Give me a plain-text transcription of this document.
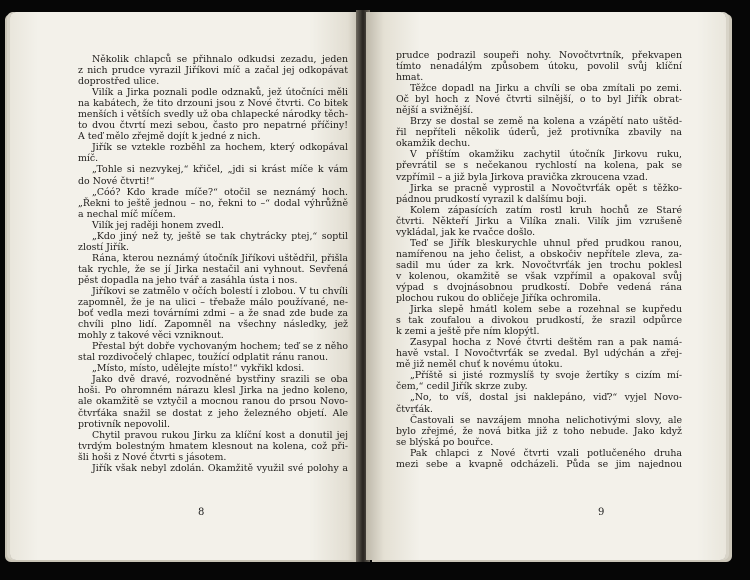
Několik chlapců se přihnalo odkudsi zezadu, jeden
z nich prudce vyrazil Jiříkovi míč a začal jej odkopávat
doprostřed ulice.
Vilík a Jirka poznali podle odznaků, jež útočníci měli
na kabátech, že tito drzouni jsou z Nové čtvrti. Co bitek
menších i větších svedly už oba chlapecké národky těch-
to dvou čtvrtí mezi sebou, často pro nepatrné příčiny!
A teď mělo zřejmě dojít k jedné z nich.
Jiřík se vztekle rozběhl za hochem, který odkopával
míč.
„Tohle si nezvykej,“ křičel, „jdi si krást míče k vám
do Nové čtvrti!“
„Cóó? Kdo krade míče?“ otočil se neznámý hoch.
„Řekni to ještě jednou – no, řekni to –“ dodal výhrůžně
a nechal míč míčem.
Vilík jej raději honem zvedl.
„Kdo jiný než ty, ještě se tak chytrácky ptej,“ soptil
zlostí Jiřík.
Rána, kterou neznámý útočník Jiříkovi uštědřil, přišla
tak rychle, že se jí Jirka nestačil ani vyhnout. Sevřená
pěst dopadla na jeho tvář a zasáhla ústa i nos.
Jiříkovi se zatmělo v očích bolestí i zlobou. V tu chvíli
zapomněl, že je na ulici – třebaže málo používané, ne-
boť vedla mezi továrními zdmi – a že snad zde bude za
chvíli plno lidí. Zapomněl na všechny následky, jež
mohly z takové věci vzniknout.
Přestal být dobře vychovaným hochem; teď se z něho
stal rozdivočelý chlapec, toužící odplatit ránu ranou.
„Místo, místo, udělejte místo!“ vykřikl kdosi.
Jako dvě dravé, rozvodněné bystřiny srazili se oba
hoši. Po ohromném nárazu klesl Jirka na jedno koleno,
ale okamžitě se vztyčil a mocnou ranou do prsou Novo-
čtvrťáka snažil se dostat z jeho železného objetí. Ale
protivník nepovolil.
Chytil pravou rukou Jirku za klíční kost a donutil jej
tvrdým bolestným hmatem klesnout na kolena, což při-
šli hoši z Nové čtvrti s jásotem.
Jiřík však nebyl zdolán. Okamžitě využil své polohy a
8
prudce podrazil soupeři nohy. Novočtvrtník, překvapen
tímto nenadálým způsobem útoku, povolil svůj klíční
hmat.
Těžce dopadl na Jirku a chvíli se oba zmítali po zemi.
Oč byl hoch z Nové čtvrti silnější, o to byl Jiřík obrat-
nější a svižnější.
Brzy se dostal se země na kolena a vzápětí nato uštěd-
řil nepříteli několik úderů, jež protivníka zbavily na
okamžik dechu.
V příštím okamžiku zachytil útočník Jirkovu ruku,
převrátil se s nečekanou rychlostí na kolena, pak se
vzpřímil – a již byla Jirkova pravička zkroucena vzad.
Jirka se pracně vyprostil a Novočtvrťák opět s těžko-
pádnou prudkostí vyrazil k dalšímu boji.
Kolem zápasících zatím rostl kruh hochů ze Staré
čtvrti. Někteří Jirku a Vilíka znali. Vilík jim vzrušeně
vykládal, jak ke rvačce došlo.
Teď se Jiřík bleskurychle uhnul před prudkou ranou,
namířenou na jeho čelist, a obskočiv nepřítele zleva, za-
sadil mu úder za krk. Novočtvrťák jen trochu poklesl
v kolenou, okamžitě se však vzpřímil a opakoval svůj
výpad s dvojnásobnou prudkostí. Dobře vedená rána
plochou rukou do obličeje Jiříka ochromila.
Jirka slepě hmátl kolem sebe a rozehnal se kupředu
s tak zoufalou a divokou prudkostí, že srazil odpůrce
k zemi a ještě pře ním klopýtl.
Zasypal hocha z Nové čtvrti deštěm ran a pak namá-
havě vstal. I Novočtvrťák se zvedal. Byl udýchán a zřej-
mě již neměl chuť k novému útoku.
„Příště si jisté rozmyslíš ty svoje žertíky s cizím mí-
čem,“ cedil Jiřík skrze zuby.
„No, to víš, dostal jsi naklepáno, viď?“ vyjel Novo-
čtvrťák.
Častovali se navzájem mnoha nelichotivými slovy, ale
bylo zřejmé, že nová bitka již z toho nebude. Jako když
se blýská po bouřce.
Pak chlapci z Nové čtvrti vzali potlučeného druha
mezi sebe a kvapně odcházeli. Půda se jim najednou
9
